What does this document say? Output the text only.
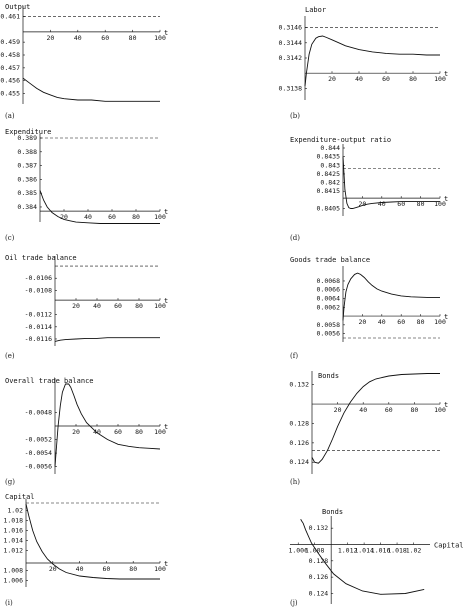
Output
(a)
20	40	60	80	100
t
0.455
0.456
0.457
0.458
0.459
0.461
Labor
(b)
20	40	60	80	100
t
0.3138
0.3142
0.3144
0.3146
Expenditure
(c)
20 40 60 80 100
t
0.384
0.385
0.386
0.387
0.388
0.389	Expenditure-output ratio
(d)
20 40 60 80 100
t
0.8405
0.8415
0.842
0.8425
0.843
0.8435
0.844
Oil trade balance
(e)
20 40 60 80 100
t
-0.0106
-0.0108
-0.0112
-0.0114
-0.0116
Goods trade balance
(f)
20 40 60 80 100
t
0.0068
0.0066
0.0064
0.0062
0.0058
0.0056
Overall trade balance
(g)
20 40 60 80 100
t
-0.0048
-0.0052
-0.0054
-0.0056
Bonds
(h)
20	40	60	80 100
t
0.132
0.128
0.126
0.124
Capital
(i)
20	40	60	80	100
t
1.02
1.018
1.016
1.014
1.012
1.008
1.006
Bonds
(j)
1.006
1.008 1.012
1.014
1.016
1.018
1.02
Capital
0.132
0.128
0.126
0.124
